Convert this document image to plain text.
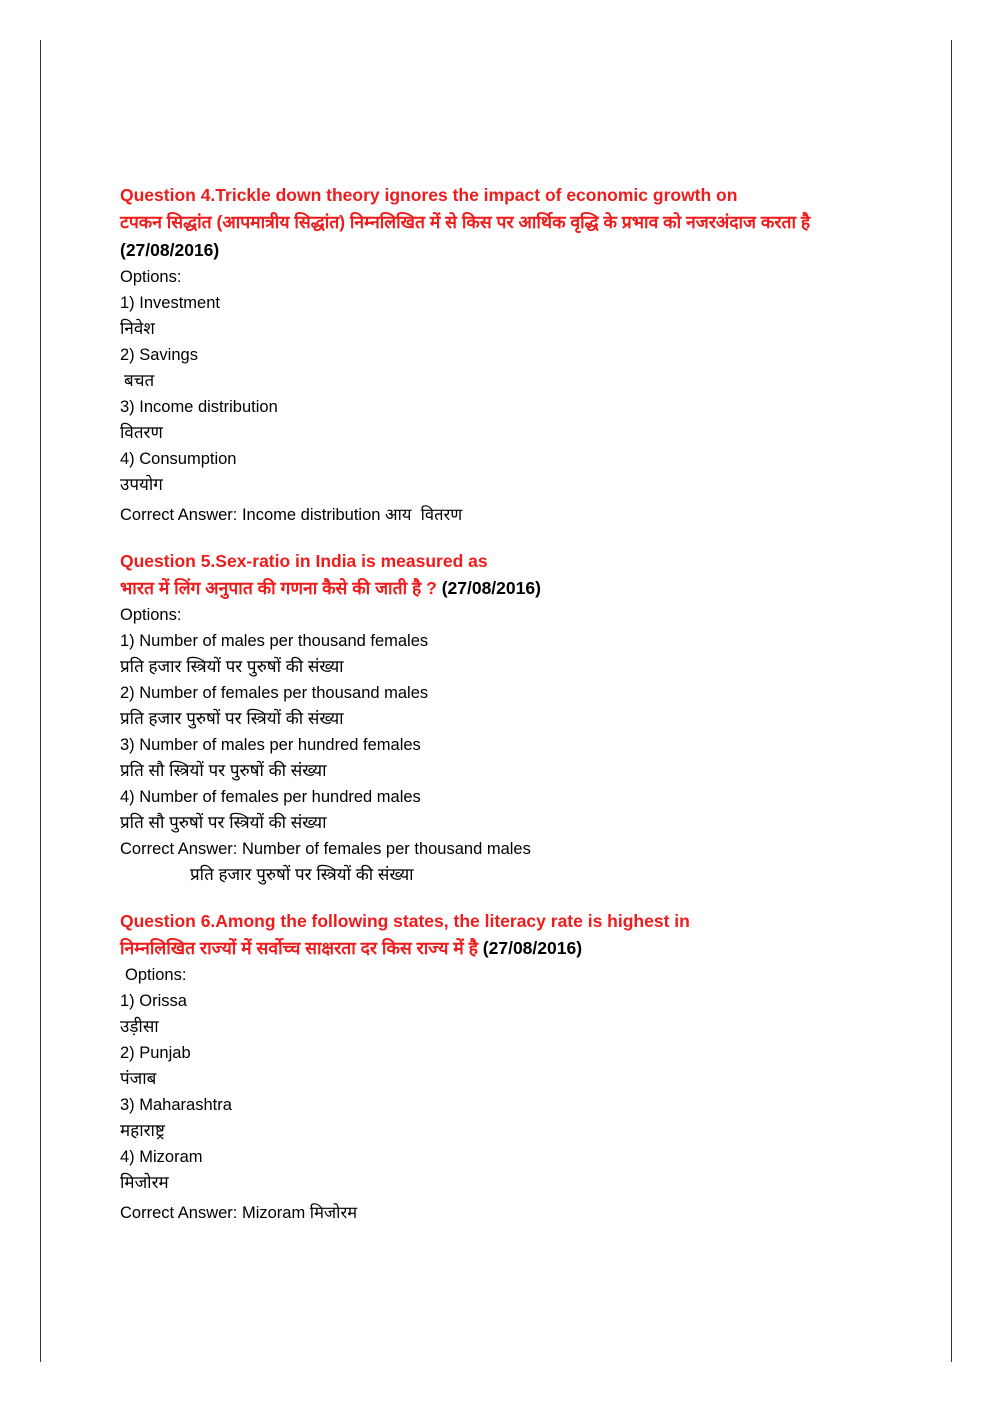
Question 4.Trickle down theory ignores the impact of economic growth on
टपकन सिद्धांत (आपमात्रीय सिद्धांत) निम्नलिखित में से किस पर आर्थिक वृद्धि के प्रभाव को नजरअंदाज करता है (27/08/2016)
Options:
1) Investment
निवेश
2) Savings
बचत
3) Income distribution
वितरण
4) Consumption
उपयोग
Correct Answer: Income distribution आय  वितरण
Question 5.Sex-ratio in India is measured as
भारत में लिंग अनुपात की गणना कैसे की जाती है ? (27/08/2016)
Options:
1) Number of males per thousand females
प्रति हजार स्त्रियों पर पुरुषों की संख्या
2) Number of females per thousand males
प्रति हजार पुरुषों पर स्त्रियों की संख्या
3) Number of males per hundred females
प्रति सौ स्त्रियों पर पुरुषों की संख्या
4) Number of females per hundred males
प्रति सौ पुरुषों पर स्त्रियों की संख्या
Correct Answer: Number of females per thousand males
प्रति हजार पुरुषों पर स्त्रियों की संख्या
Question 6.Among the following states, the literacy rate is highest in
निम्नलिखित राज्यों में सर्वोच्च साक्षरता दर किस राज्य में है (27/08/2016)
Options:
1) Orissa
उड़ीसा
2) Punjab
पंजाब
3) Maharashtra
महाराष्ट्र
4) Mizoram
मिजोरम
Correct Answer: Mizoram मिजोरम
